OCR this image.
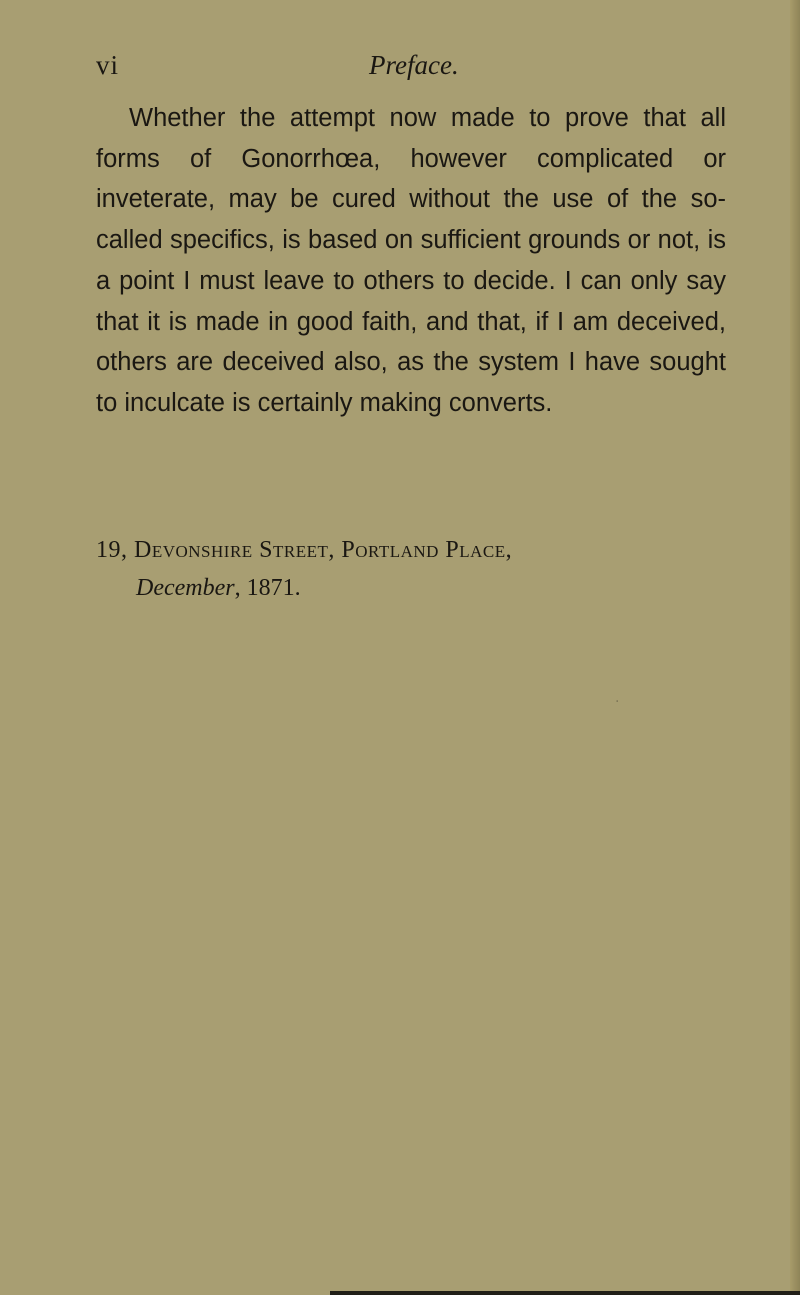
vi	Preface.

Whether the attempt now made to prove that all forms of Gonorrhœa, however complicated or inveterate, may be cured without the use of the so-called specifics, is based on sufficient grounds or not, is a point I must leave to others to decide. I can only say that it is made in good faith, and that, if I am deceived, others are deceived also, as the system I have sought to inculcate is certainly making converts.

19, Devonshire Street, Portland Place,
December, 1871.
·
